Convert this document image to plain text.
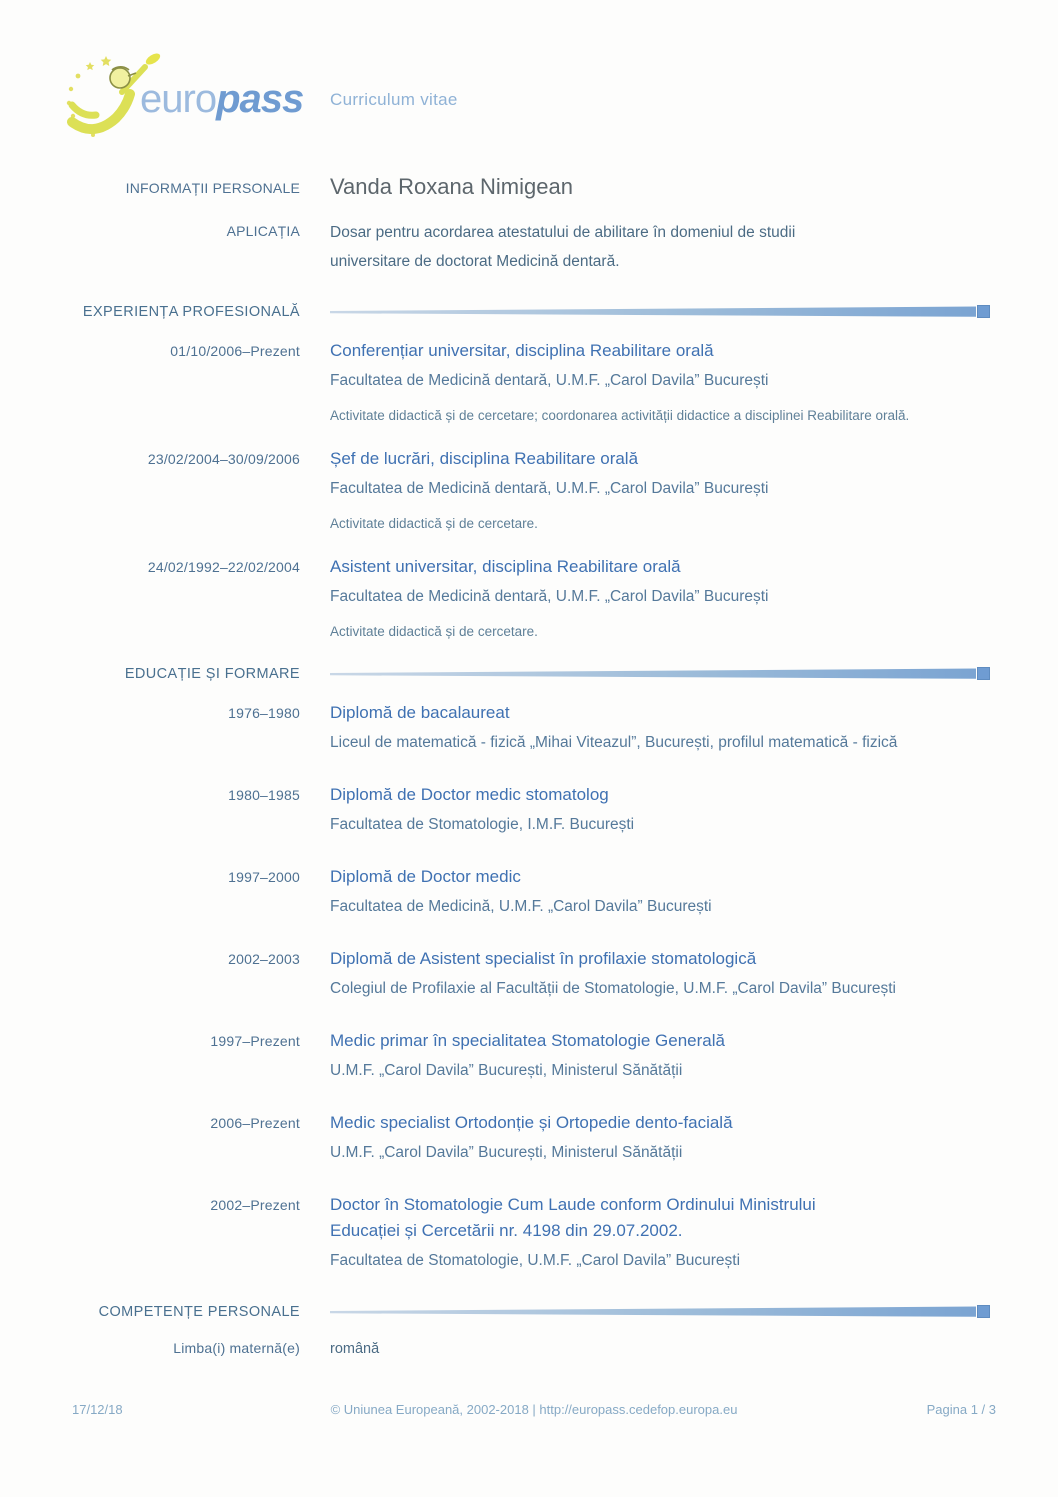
europass Curriculum vitae
INFORMAȚII PERSONALE Vanda Roxana Nimigean
APLICAȚIA Dosar pentru acordarea atestatului de abilitare în domeniul de studii universitare de doctorat Medicină dentară.
EXPERIENȚA PROFESIONALĂ
01/10/2006–Prezent Conferențiar universitar, disciplina Reabilitare orală
Facultatea de Medicină dentară, U.M.F. „Carol Davila” București
Activitate didactică și de cercetare; coordonarea activității didactice a disciplinei Reabilitare orală.
23/02/2004–30/09/2006 Șef de lucrări, disciplina Reabilitare orală
Facultatea de Medicină dentară, U.M.F. „Carol Davila” București
Activitate didactică și de cercetare.
24/02/1992–22/02/2004 Asistent universitar, disciplina Reabilitare orală
Facultatea de Medicină dentară, U.M.F. „Carol Davila” București
Activitate didactică și de cercetare.
EDUCAȚIE ȘI FORMARE
1976–1980 Diplomă de bacalaureat
Liceul de matematică - fizică „Mihai Viteazul”, București, profilul matematică - fizică
1980–1985 Diplomă de Doctor medic stomatolog
Facultatea de Stomatologie, I.M.F. București
1997–2000 Diplomă de Doctor medic
Facultatea de Medicină, U.M.F. „Carol Davila” București
2002–2003 Diplomă de Asistent specialist în profilaxie stomatologică
Colegiul de Profilaxie al Facultății de Stomatologie, U.M.F. „Carol Davila” București
1997–Prezent Medic primar în specialitatea Stomatologie Generală
U.M.F. „Carol Davila” București, Ministerul Sănătății
2006–Prezent Medic specialist Ortodonție și Ortopedie dento-facială
U.M.F. „Carol Davila” București, Ministerul Sănătății
2002–Prezent Doctor în Stomatologie Cum Laude conform Ordinului Ministrului Educației și Cercetării nr. 4198 din 29.07.2002.
Facultatea de Stomatologie, U.M.F. „Carol Davila” București
COMPETENȚE PERSONALE
Limba(i) maternă(e) română
17/12/18	© Uniunea Europeană, 2002-2018 | http://europass.cedefop.europa.eu	Pagina 1 / 3
